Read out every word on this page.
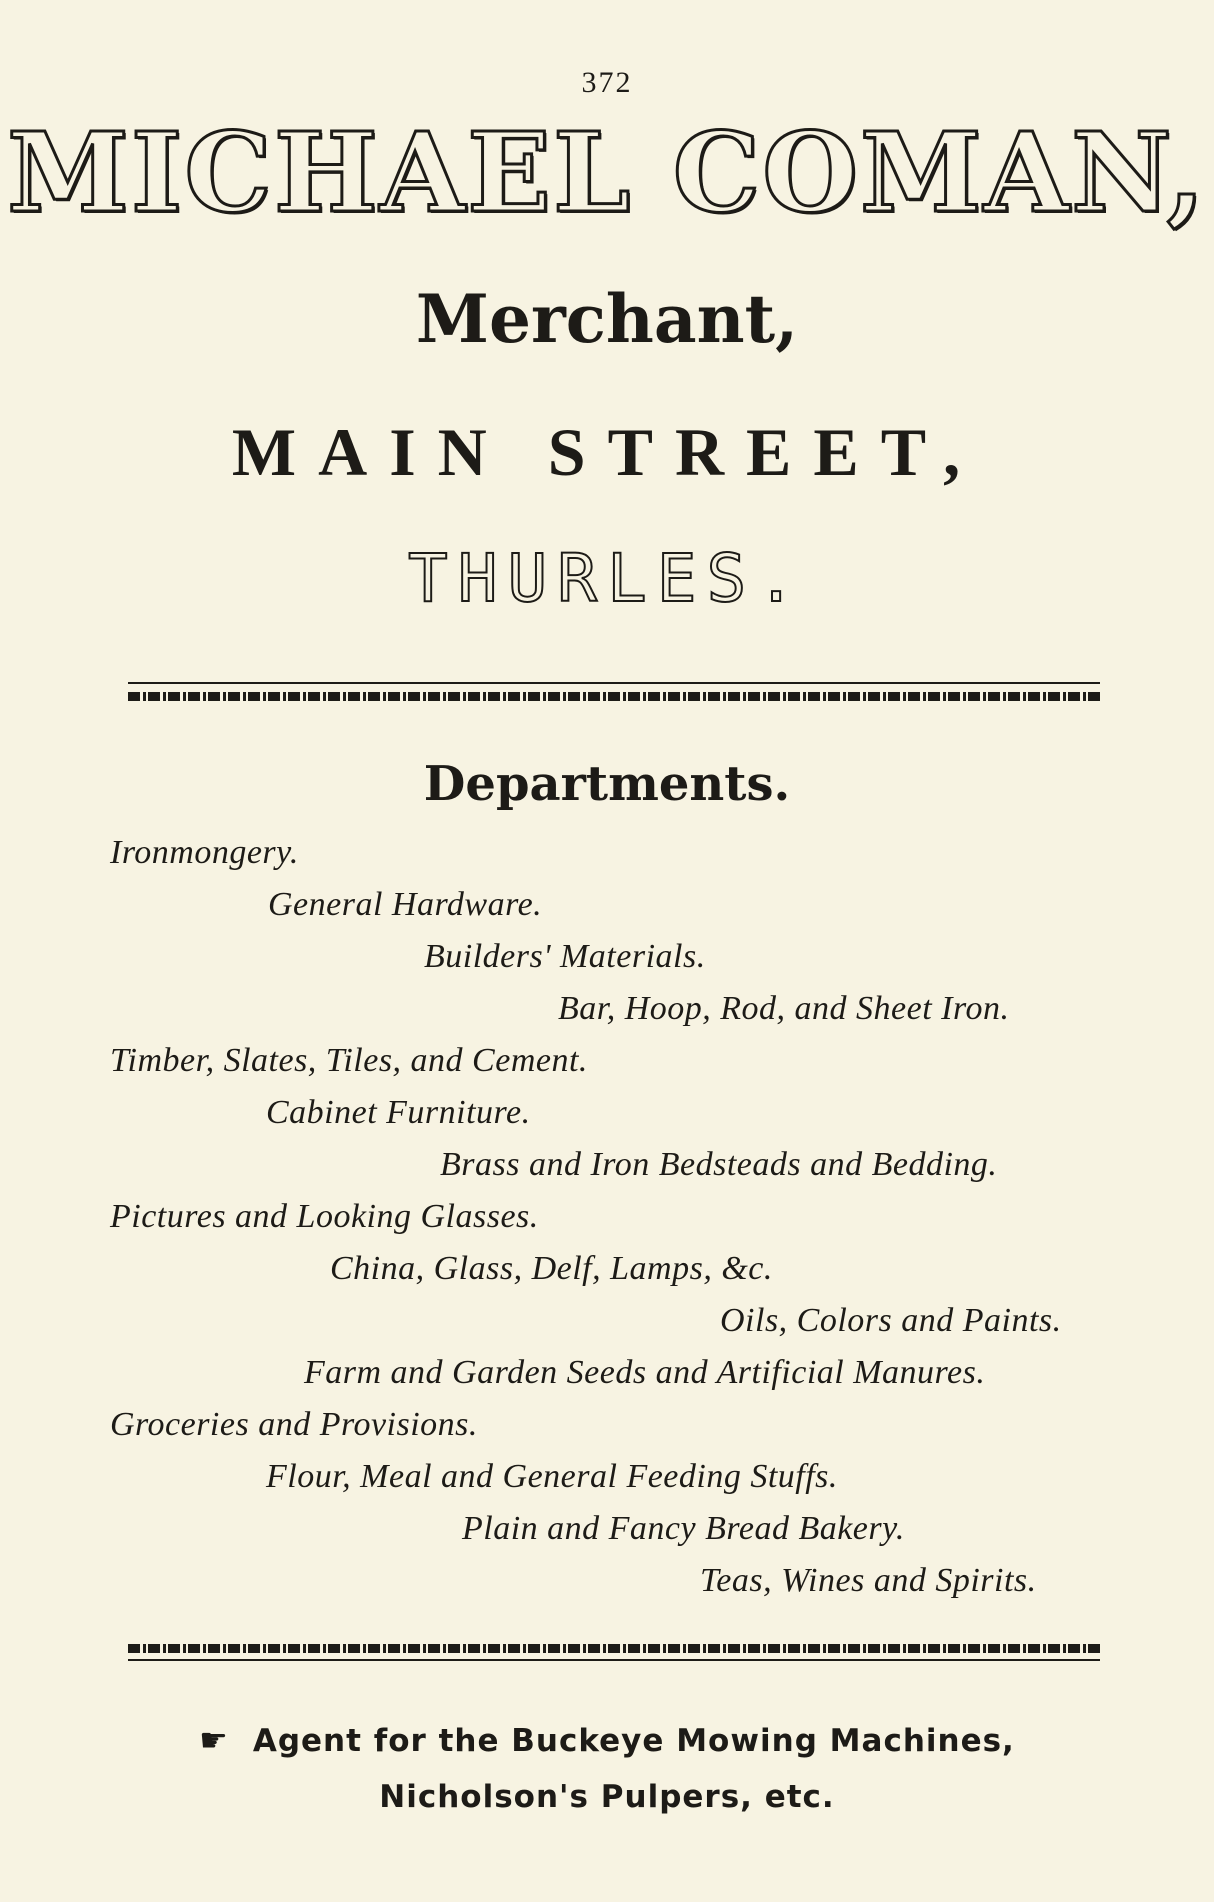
372
MICHAEL COMAN,
Merchant,
MAIN STREET,
THURLES.
Departments.
Ironmongery.
General Hardware.
Builders' Materials.
Bar, Hoop, Rod, and Sheet Iron.
Timber, Slates, Tiles, and Cement.
Cabinet Furniture.
Brass and Iron Bedsteads and Bedding.
Pictures and Looking Glasses.
China, Glass, Delf, Lamps, &c.
Oils, Colors and Paints.
Farm and Garden Seeds and Artificial Manures.
Groceries and Provisions.
Flour, Meal and General Feeding Stuffs.
Plain and Fancy Bread Bakery.
Teas, Wines and Spirits.
☛ Agent for the Buckeye Mowing Machines,
Nicholson's Pulpers, etc.
